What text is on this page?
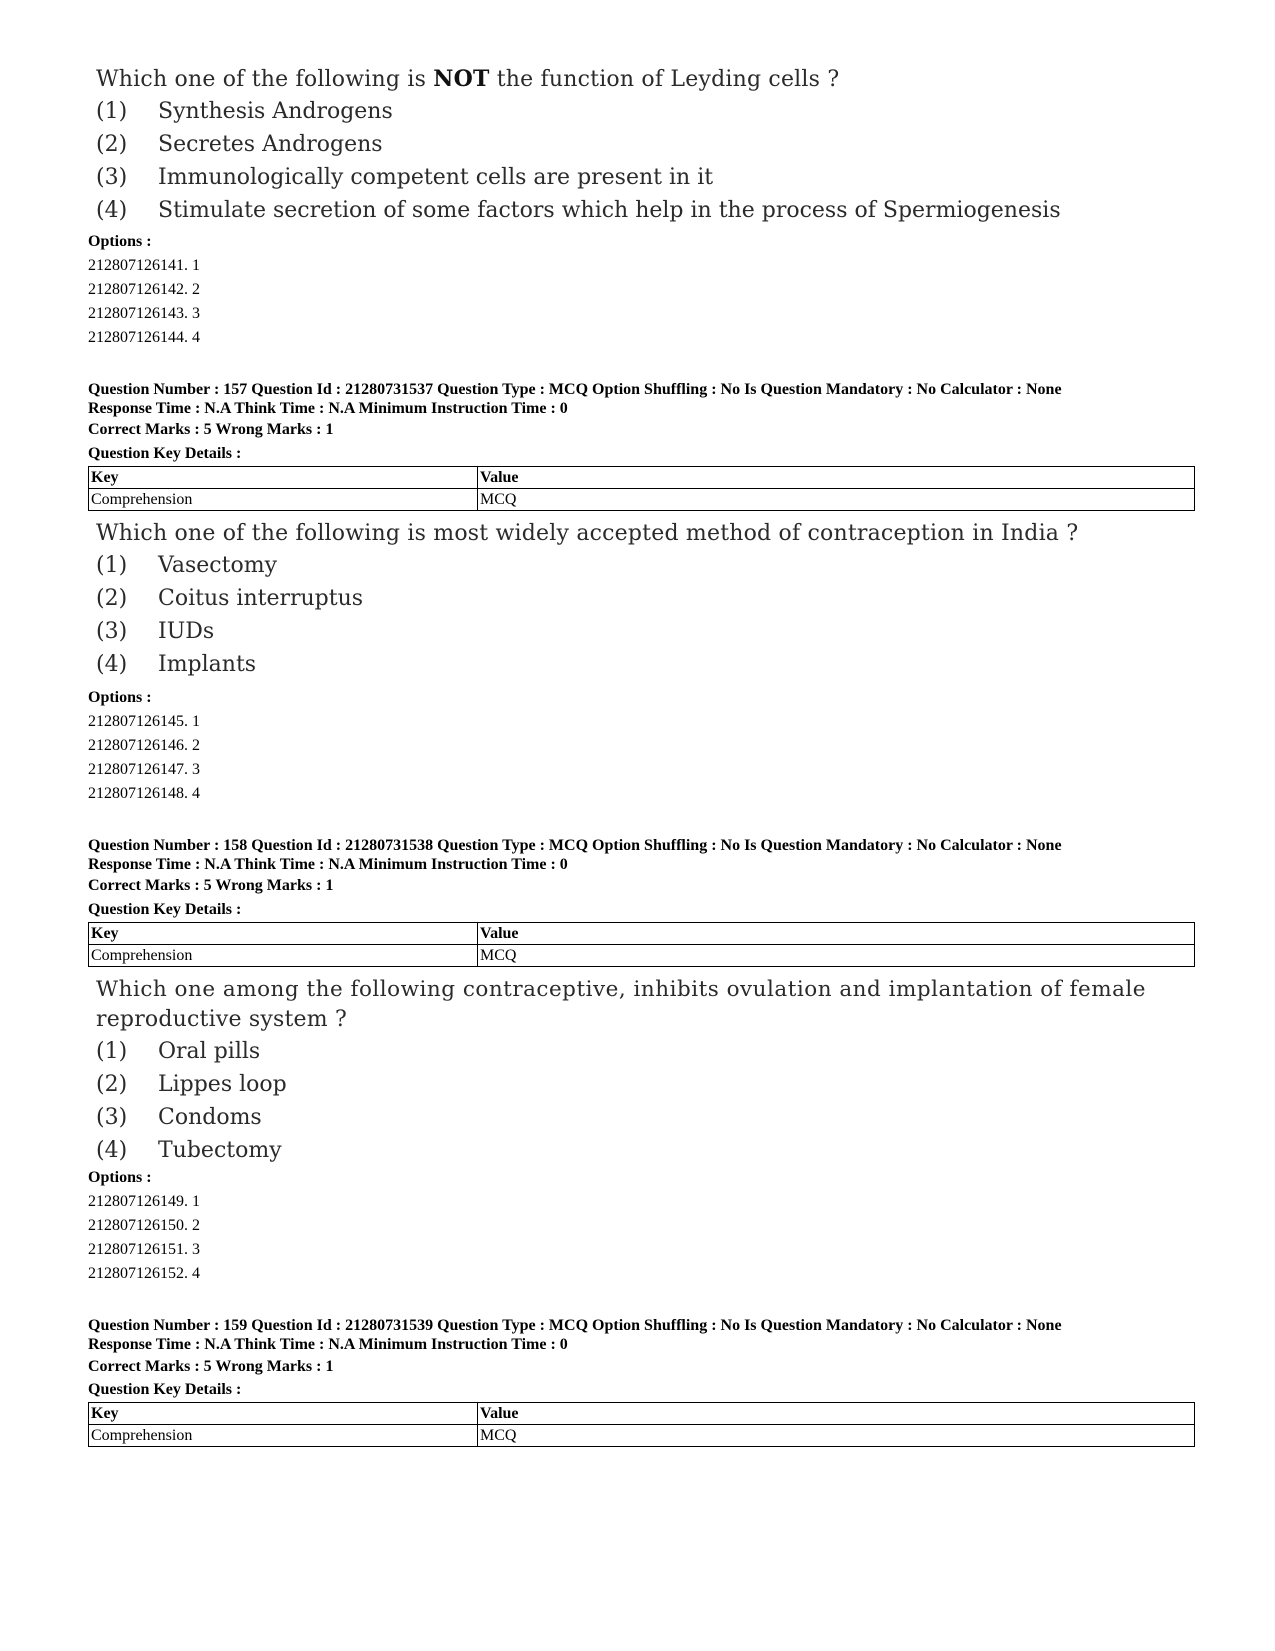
Which one of the following is NOT the function of Leyding cells ?
(1)	Synthesis Androgens
(2)	Secretes Androgens
(3)	Immunologically competent cells are present in it
(4)	Stimulate secretion of some factors which help in the process of Spermiogenesis
Options :
212807126141. 1
212807126142. 2
212807126143. 3
212807126144. 4
Question Number : 157 Question Id : 21280731537 Question Type : MCQ Option Shuffling : No Is Question Mandatory : No Calculator : None
Response Time : N.A Think Time : N.A Minimum Instruction Time : 0
Correct Marks : 5 Wrong Marks : 1
Question Key Details :
Key	Value
Comprehension	MCQ
Which one of the following is most widely accepted method of contraception in India ?
(1)	Vasectomy
(2)	Coitus interruptus
(3)	IUDs
(4)	Implants
Options :
212807126145. 1
212807126146. 2
212807126147. 3
212807126148. 4
Question Number : 158 Question Id : 21280731538 Question Type : MCQ Option Shuffling : No Is Question Mandatory : No Calculator : None
Response Time : N.A Think Time : N.A Minimum Instruction Time : 0
Correct Marks : 5 Wrong Marks : 1
Question Key Details :
Key	Value
Comprehension	MCQ
Which one among the following contraceptive, inhibits ovulation and implantation of female
reproductive system ?
(1)	Oral pills
(2)	Lippes loop
(3)	Condoms
(4)	Tubectomy
Options :
212807126149. 1
212807126150. 2
212807126151. 3
212807126152. 4
Question Number : 159 Question Id : 21280731539 Question Type : MCQ Option Shuffling : No Is Question Mandatory : No Calculator : None
Response Time : N.A Think Time : N.A Minimum Instruction Time : 0
Correct Marks : 5 Wrong Marks : 1
Question Key Details :
Key	Value
Comprehension	MCQ
